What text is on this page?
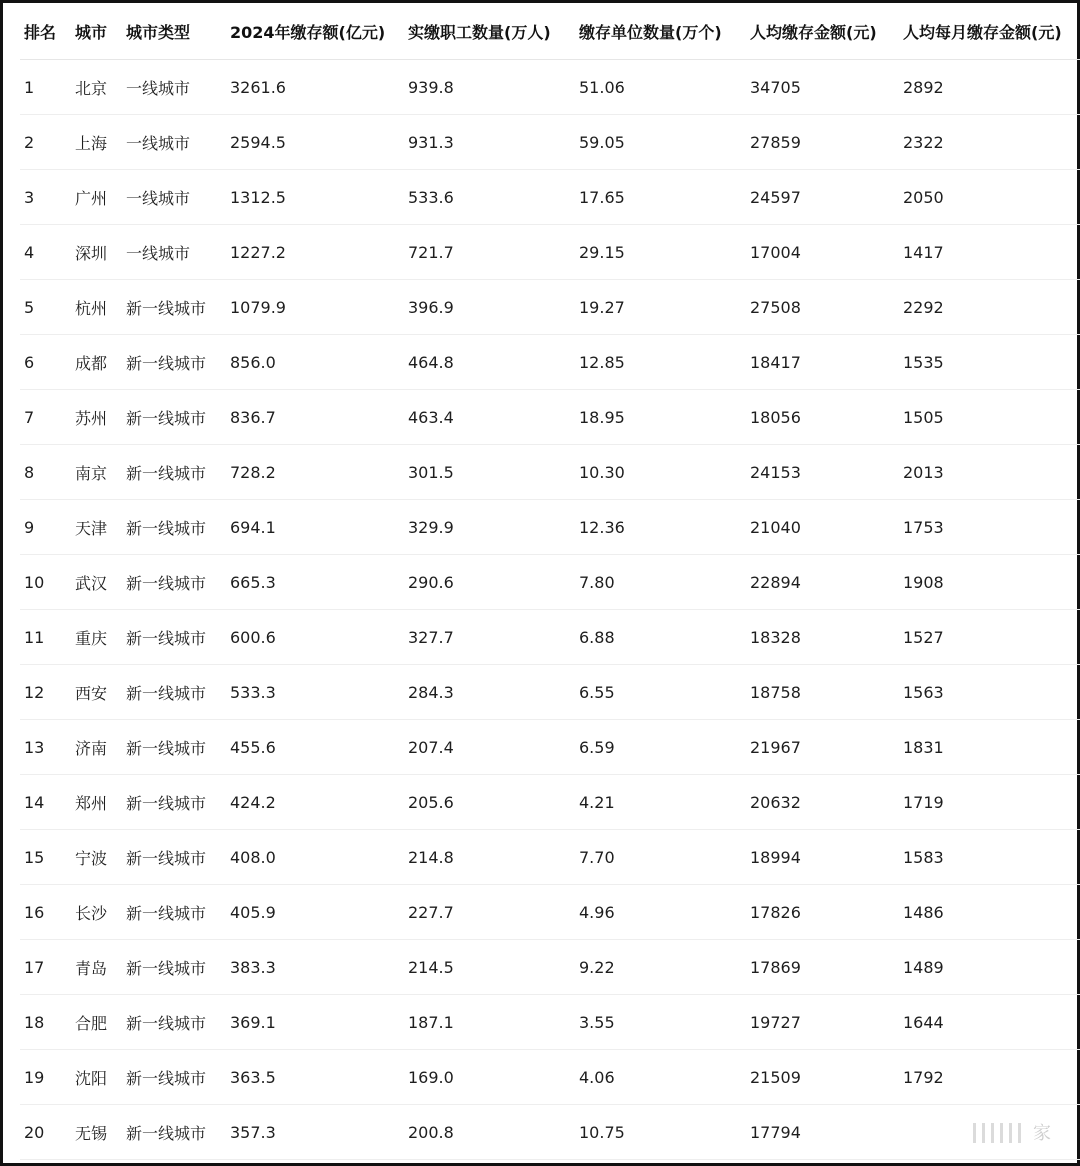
排名	城市	城市类型	2024年缴存额(亿元)	实缴职工数量(万人)	缴存单位数量(万个)	人均缴存金额(元)	人均每月缴存金额(元)
1	北京	一线城市	3261.6	939.8	51.06	34705	2892
2	上海	一线城市	2594.5	931.3	59.05	27859	2322
3	广州	一线城市	1312.5	533.6	17.65	24597	2050
4	深圳	一线城市	1227.2	721.7	29.15	17004	1417
5	杭州	新一线城市	1079.9	396.9	19.27	27508	2292
6	成都	新一线城市	856.0	464.8	12.85	18417	1535
7	苏州	新一线城市	836.7	463.4	18.95	18056	1505
8	南京	新一线城市	728.2	301.5	10.30	24153	2013
9	天津	新一线城市	694.1	329.9	12.36	21040	1753
10	武汉	新一线城市	665.3	290.6	7.80	22894	1908
11	重庆	新一线城市	600.6	327.7	6.88	18328	1527
12	西安	新一线城市	533.3	284.3	6.55	18758	1563
13	济南	新一线城市	455.6	207.4	6.59	21967	1831
14	郑州	新一线城市	424.2	205.6	4.21	20632	1719
15	宁波	新一线城市	408.0	214.8	7.70	18994	1583
16	长沙	新一线城市	405.9	227.7	4.96	17826	1486
17	青岛	新一线城市	383.3	214.5	9.22	17869	1489
18	合肥	新一线城市	369.1	187.1	3.55	19727	1644
19	沈阳	新一线城市	363.5	169.0	4.06	21509	1792
20	无锡	新一线城市	357.3	200.8	10.75	17794		家
